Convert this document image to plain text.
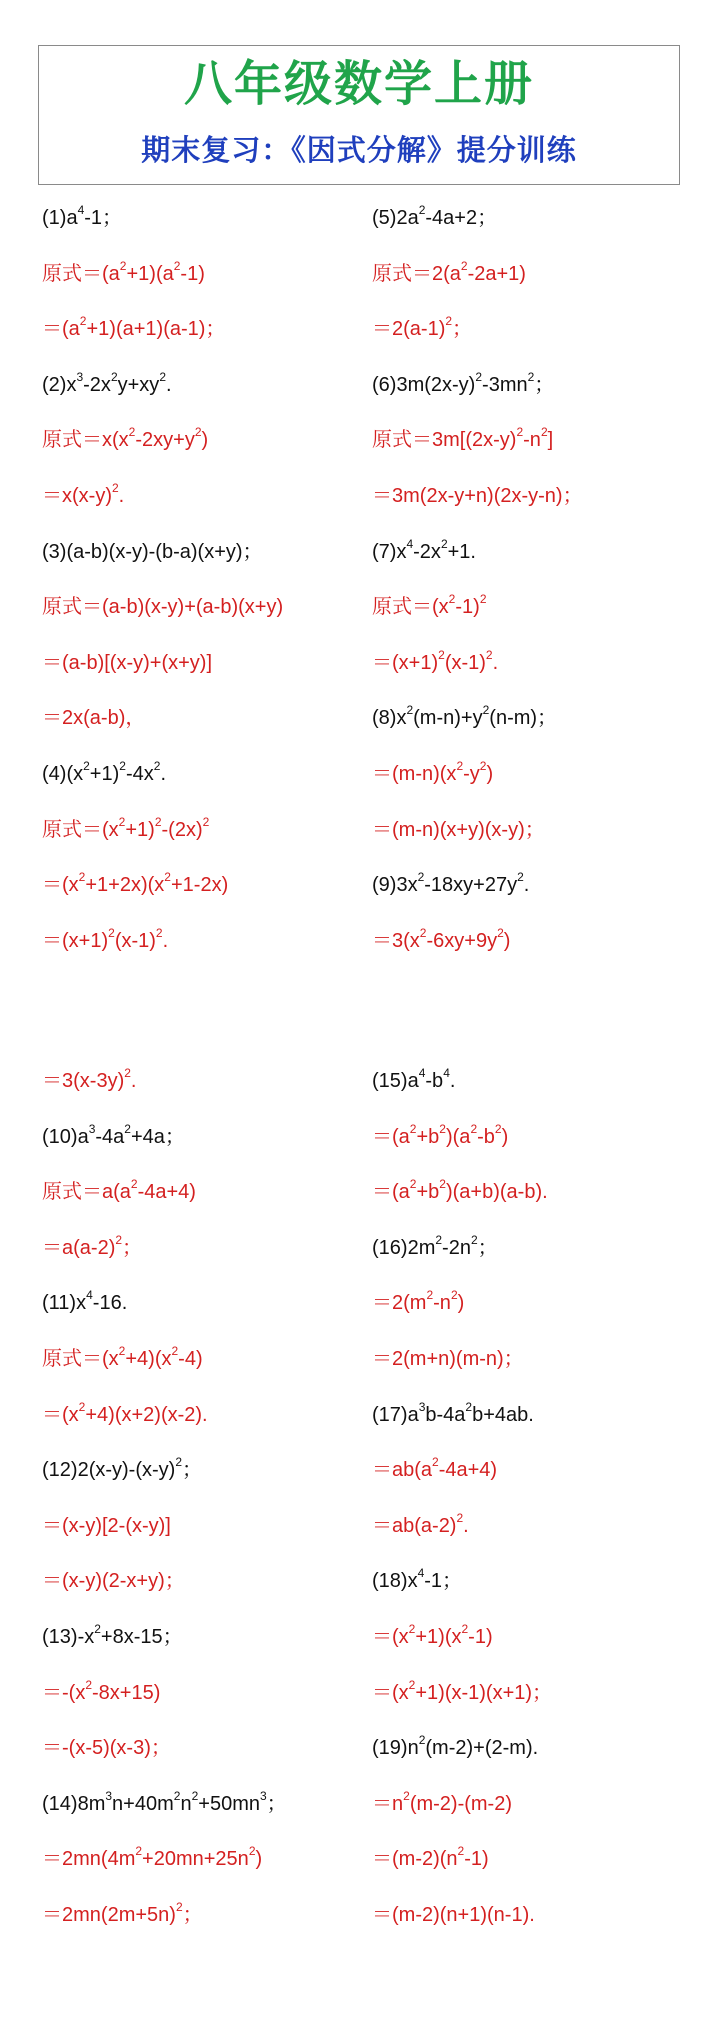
八年级数学上册
期末复习：《因式分解》提分训练
$(1)a^4-1$；
原式$=(a^2+1)(a^2-1)$
$=(a^2+1)(a+1)(a-1)$；
$(2)x^3-2x^2y+xy^2$.
原式$=x(x^2-2xy+y^2)$
$=x(x-y)^2$.
(3)(a-b)(x-y)-(b-a)(x+y)；
原式＝(a-b)(x-y)+(a-b)(x+y)
＝(a-b)[(x-y)+(x+y)]
＝2x(a-b)，
$(4)(x^2+1)^2-4x^2$.
原式$=(x^2+1)^2-(2x)^2$
$=(x^2+1+2x)(x^2+1-2x)$
$=(x+1)^2(x-1)^2$.
$(5)2a^2-4a+2$；
原式$=2(a^2-2a+1)$
$=2(a-1)^2$；
$(6)3m(2x-y)^2-3mn^2$；
原式$=3m[(2x-y)^2-n^2]$
＝3m(2x-y+n)(2x-y-n)；
$(7)x^4-2x^2+1$.
原式$=(x^2-1)^2$
$=(x+1)^2(x-1)^2$.
$(8)x^2(m-n)+y^2(n-m)$；
$=(m-n)(x^2-y^2)$
＝(m-n)(x+y)(x-y)；
$(9)3x^2-18xy+27y^2$.
$=3(x^2-6xy+9y^2)$
$=3(x-3y)^2$.
$(10)a^3-4a^2+4a$；
原式$=a(a^2-4a+4)$
$=a(a-2)^2$；
$(11)x^4-16$.
原式$=(x^2+4)(x^2-4)$
$=(x^2+4)(x+2)(x-2)$.
$(12)2(x-y)-(x-y)^2$；
＝(x-y)[2-(x-y)]
＝(x-y)(2-x+y)；
$(13)-x^2+8x-15$；
$=-(x^2-8x+15)$
＝-(x-5)(x-3)；
$(14)8m^3n+40m^2n^2+50mn^3$；
$=2mn(4m^2+20mn+25n^2)$
$=2mn(2m+5n)^2$；
$(15)a^4-b^4$.
$=(a^2+b^2)(a^2-b^2)$
$=(a^2+b^2)(a+b)(a-b)$.
$(16)2m^2-2n^2$；
$=2(m^2-n^2)$
＝2(m+n)(m-n)；
$(17)a^3b-4a^2b+4ab$.
$=ab(a^2-4a+4)$
$=ab(a-2)^2$.
$(18)x^4-1$；
$=(x^2+1)(x^2-1)$
$=(x^2+1)(x-1)(x+1)$；
$(19)n^2(m-2)+(2-m)$.
$=n^2(m-2)-(m-2)$
$=(m-2)(n^2-1)$
＝(m-2)(n+1)(n-1).
